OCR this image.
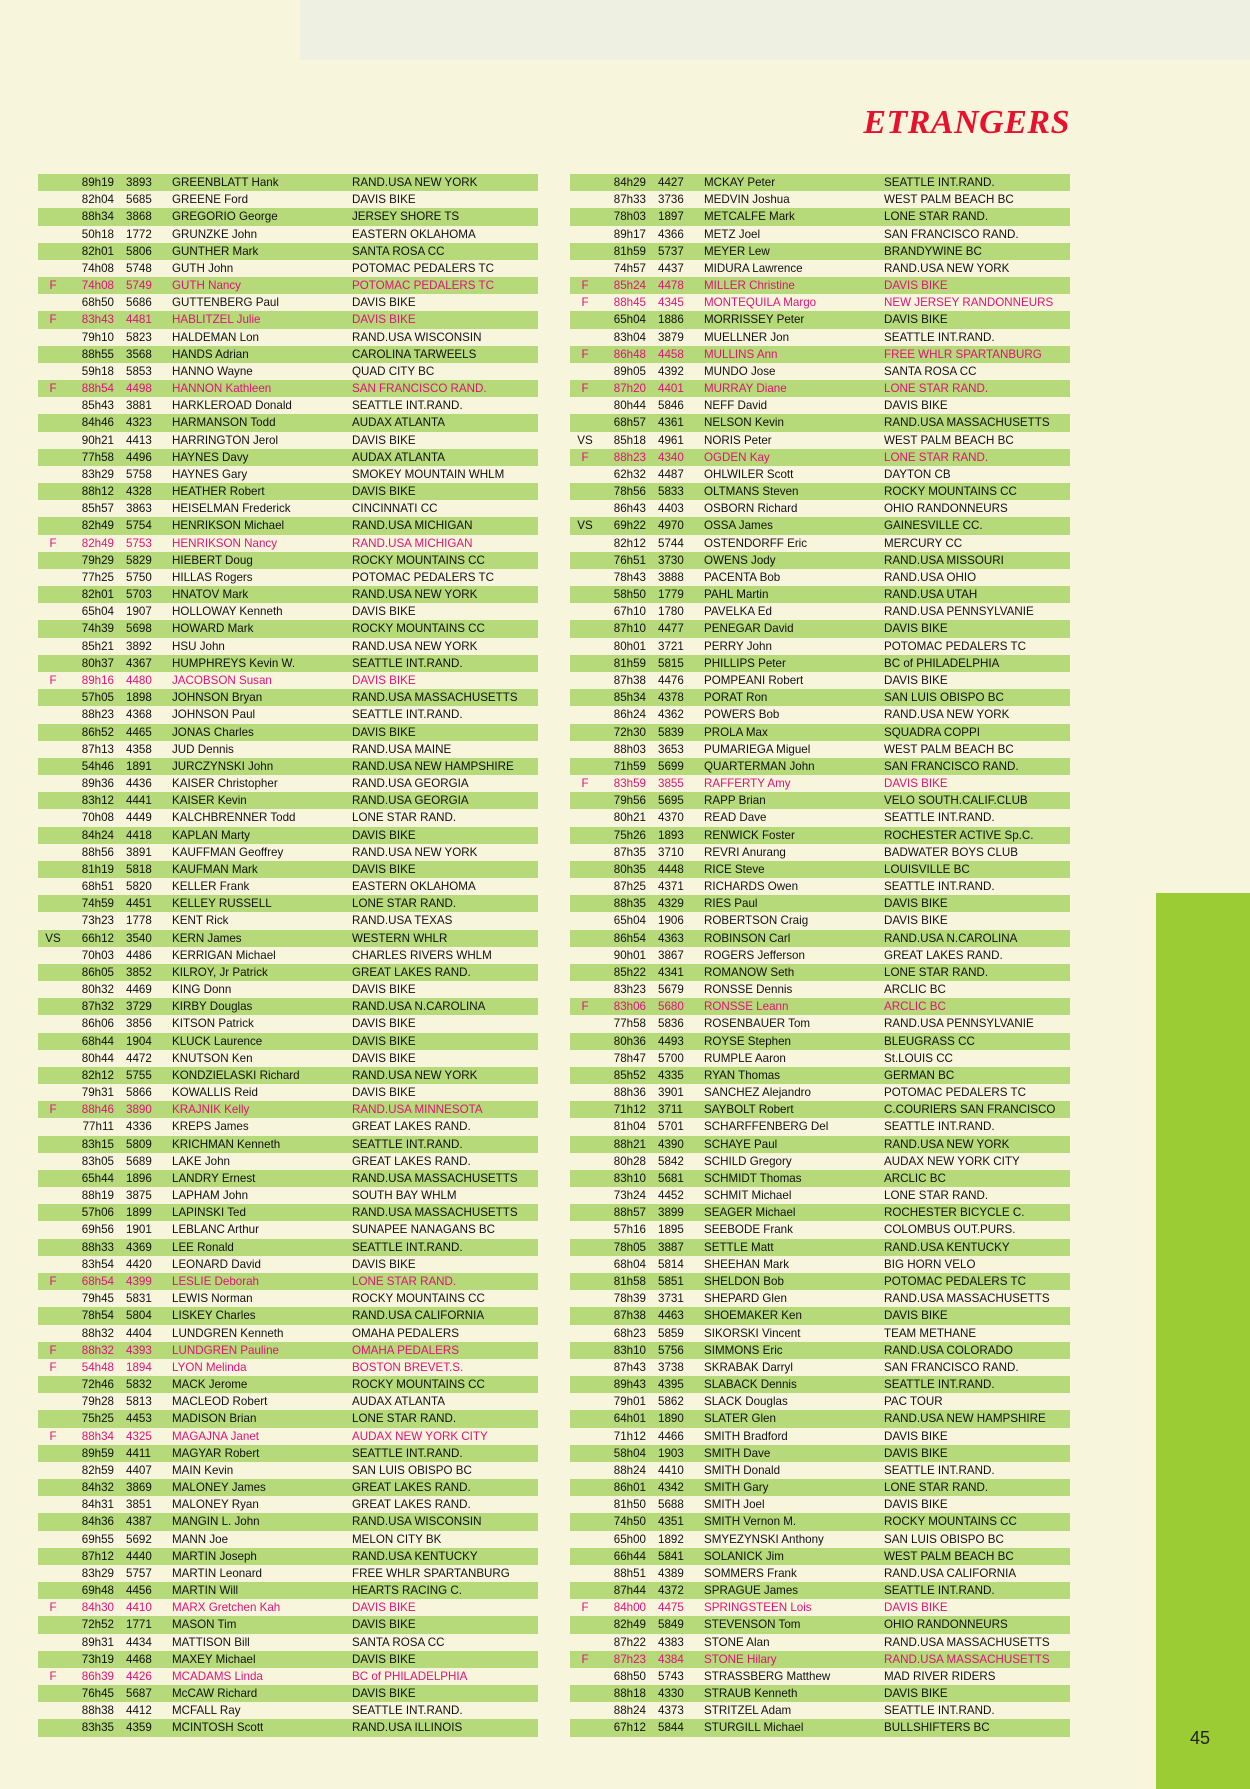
ETRANGERS
89h19 3893	GREENBLATT Hank	RAND.USA NEW YORK
82h04 5685	GREENE Ford	DAVIS BIKE
88h34 3868	GREGORIO George	JERSEY SHORE TS
50h18 1772	GRUNZKE John	EASTERN OKLAHOMA
82h01 5806	GUNTHER Mark	SANTA ROSA CC
74h08 5748	GUTH John	POTOMAC PEDALERS TC
F	74h08 5749	GUTH Nancy	POTOMAC PEDALERS TC
68h50 5686	GUTTENBERG Paul	DAVIS BIKE
F	83h43 4481	HABLITZEL Julie	DAVIS BIKE
79h10 5823	HALDEMAN Lon	RAND.USA WISCONSIN
88h55 3568	HANDS Adrian	CAROLINA TARWEELS
59h18 5853	HANNO Wayne	QUAD CITY BC
F	88h54 4498	HANNON Kathleen	SAN FRANCISCO RAND.
85h43 3881	HARKLEROAD Donald	SEATTLE INT.RAND.
84h46 4323	HARMANSON Todd	AUDAX ATLANTA
90h21 4413	HARRINGTON Jerol	DAVIS BIKE
77h58 4496	HAYNES Davy	AUDAX ATLANTA
83h29 5758	HAYNES Gary	SMOKEY MOUNTAIN WHLM
88h12 4328	HEATHER Robert	DAVIS BIKE
85h57 3863	HEISELMAN Frederick	CINCINNATI CC
82h49 5754	HENRIKSON Michael	RAND.USA MICHIGAN
F	82h49 5753	HENRIKSON Nancy	RAND.USA MICHIGAN
79h29 5829	HIEBERT Doug	ROCKY MOUNTAINS CC
77h25 5750	HILLAS Rogers	POTOMAC PEDALERS TC
82h01 5703	HNATOV Mark	RAND.USA NEW YORK
65h04 1907	HOLLOWAY Kenneth	DAVIS BIKE
74h39 5698	HOWARD Mark	ROCKY MOUNTAINS CC
85h21 3892	HSU John	RAND.USA NEW YORK
80h37 4367	HUMPHREYS Kevin W.	SEATTLE INT.RAND.
F	89h16 4480	JACOBSON Susan	DAVIS BIKE
57h05 1898	JOHNSON Bryan	RAND.USA MASSACHUSETTS
88h23 4368	JOHNSON Paul	SEATTLE INT.RAND.
86h52 4465	JONAS Charles	DAVIS BIKE
87h13 4358	JUD Dennis	RAND.USA MAINE
54h46 1891	JURCZYNSKI John	RAND.USA NEW HAMPSHIRE
89h36 4436	KAISER Christopher	RAND.USA GEORGIA
83h12 4441	KAISER Kevin	RAND.USA GEORGIA
70h08 4449	KALCHBRENNER Todd	LONE STAR RAND.
84h24 4418	KAPLAN Marty	DAVIS BIKE
88h56 3891	KAUFFMAN Geoffrey	RAND.USA NEW YORK
81h19 5818	KAUFMAN Mark	DAVIS BIKE
68h51 5820	KELLER Frank	EASTERN OKLAHOMA
74h59 4451	KELLEY RUSSELL	LONE STAR RAND.
73h23 1778	KENT Rick	RAND.USA TEXAS
VS	66h12 3540	KERN James	WESTERN WHLR
70h03 4486	KERRIGAN Michael	CHARLES RIVERS WHLM
86h05 3852	KILROY, Jr Patrick	GREAT LAKES RAND.
80h32 4469	KING Donn	DAVIS BIKE
87h32 3729	KIRBY Douglas	RAND.USA N.CAROLINA
86h06 3856	KITSON Patrick	DAVIS BIKE
68h44 1904	KLUCK Laurence	DAVIS BIKE
80h44 4472	KNUTSON Ken	DAVIS BIKE
82h12 5755	KONDZIELASKI Richard	RAND.USA NEW YORK
79h31 5866	KOWALLIS Reid	DAVIS BIKE
F	88h46 3890	KRAJNIK Kelly	RAND.USA MINNESOTA
77h11 4336	KREPS James	GREAT LAKES RAND.
83h15 5809	KRICHMAN Kenneth	SEATTLE INT.RAND.
83h05 5689	LAKE John	GREAT LAKES RAND.
65h44 1896	LANDRY Ernest	RAND.USA MASSACHUSETTS
88h19 3875	LAPHAM John	SOUTH BAY WHLM
57h06 1899	LAPINSKI Ted	RAND.USA MASSACHUSETTS
69h56 1901	LEBLANC Arthur	SUNAPEE NANAGANS BC
88h33 4369	LEE Ronald	SEATTLE INT.RAND.
83h54 4420	LEONARD David	DAVIS BIKE
F	68h54 4399	LESLIE Deborah	LONE STAR RAND.
79h45 5831	LEWIS Norman	ROCKY MOUNTAINS CC
78h54 5804	LISKEY Charles	RAND.USA CALIFORNIA
88h32 4404	LUNDGREN Kenneth	OMAHA PEDALERS
F	88h32 4393	LUNDGREN Pauline	OMAHA PEDALERS
F	54h48 1894	LYON Melinda	BOSTON BREVET.S.
72h46 5832	MACK Jerome	ROCKY MOUNTAINS CC
79h28 5813	MACLEOD Robert	AUDAX ATLANTA
75h25 4453	MADISON Brian	LONE STAR RAND.
F	88h34 4325	MAGAJNA Janet	AUDAX NEW YORK CITY
89h59 4411	MAGYAR Robert	SEATTLE INT.RAND.
82h59 4407	MAIN Kevin	SAN LUIS OBISPO BC
84h32 3869	MALONEY James	GREAT LAKES RAND.
84h31 3851	MALONEY Ryan	GREAT LAKES RAND.
84h36 4387	MANGIN L. John	RAND.USA WISCONSIN
69h55 5692	MANN Joe	MELON CITY BK
87h12 4440	MARTIN Joseph	RAND.USA KENTUCKY
83h29 5757	MARTIN Leonard	FREE WHLR SPARTANBURG
69h48 4456	MARTIN Will	HEARTS RACING C.
F	84h30 4410	MARX Gretchen Kah	DAVIS BIKE
72h52 1771	MASON Tim	DAVIS BIKE
89h31 4434	MATTISON Bill	SANTA ROSA CC
73h19 4468	MAXEY Michael	DAVIS BIKE
F	86h39 4426	MCADAMS Linda	BC of PHILADELPHIA
76h45 5687	McCAW Richard	DAVIS BIKE
88h38 4412	MCFALL Ray	SEATTLE INT.RAND.
83h35 4359	MCINTOSH Scott	RAND.USA ILLINOIS
84h29 4427	MCKAY Peter	SEATTLE INT.RAND.
87h33 3736	MEDVIN Joshua	WEST PALM BEACH BC
78h03 1897	METCALFE Mark	LONE STAR RAND.
89h17 4366	METZ Joel	SAN FRANCISCO RAND.
81h59 5737	MEYER Lew	BRANDYWINE BC
74h57 4437	MIDURA Lawrence	RAND.USA NEW YORK
F	85h24 4478	MILLER Christine	DAVIS BIKE
F	88h45 4345	MONTEQUILA Margo	NEW JERSEY RANDONNEURS
65h04 1886	MORRISSEY Peter	DAVIS BIKE
83h04 3879	MUELLNER Jon	SEATTLE INT.RAND.
F	86h48 4458	MULLINS Ann	FREE WHLR SPARTANBURG
89h05 4392	MUNDO Jose	SANTA ROSA CC
F	87h20 4401	MURRAY Diane	LONE STAR RAND.
80h44 5846	NEFF David	DAVIS BIKE
68h57 4361	NELSON Kevin	RAND.USA MASSACHUSETTS
VS	85h18 4961	NORIS Peter	WEST PALM BEACH BC
F	88h23 4340	OGDEN Kay	LONE STAR RAND.
62h32 4487	OHLWILER Scott	DAYTON CB
78h56 5833	OLTMANS Steven	ROCKY MOUNTAINS CC
86h43 4403	OSBORN Richard	OHIO RANDONNEURS
VS	69h22 4970	OSSA James	GAINESVILLE CC.
82h12 5744	OSTENDORFF Eric	MERCURY CC
76h51 3730	OWENS Jody	RAND.USA MISSOURI
78h43 3888	PACENTA Bob	RAND.USA OHIO
58h50 1779	PAHL Martin	RAND.USA UTAH
67h10 1780	PAVELKA Ed	RAND.USA PENNSYLVANIE
87h10 4477	PENEGAR David	DAVIS BIKE
80h01 3721	PERRY John	POTOMAC PEDALERS TC
81h59 5815	PHILLIPS Peter	BC of PHILADELPHIA
87h38 4476	POMPEANI Robert	DAVIS BIKE
85h34 4378	PORAT Ron	SAN LUIS OBISPO BC
86h24 4362	POWERS Bob	RAND.USA NEW YORK
72h30 5839	PROLA Max	SQUADRA COPPI
88h03 3653	PUMARIEGA Miguel	WEST PALM BEACH BC
71h59 5699	QUARTERMAN John	SAN FRANCISCO RAND.
F	83h59 3855	RAFFERTY Amy	DAVIS BIKE
79h56 5695	RAPP Brian	VELO SOUTH.CALIF.CLUB
80h21 4370	READ Dave	SEATTLE INT.RAND.
75h26 1893	RENWICK Foster	ROCHESTER ACTIVE Sp.C.
87h35 3710	REVRI Anurang	BADWATER BOYS CLUB
80h35 4448	RICE Steve	LOUISVILLE BC
87h25 4371	RICHARDS Owen	SEATTLE INT.RAND.
88h35 4329	RIES Paul	DAVIS BIKE
65h04 1906	ROBERTSON Craig	DAVIS BIKE
86h54 4363	ROBINSON Carl	RAND.USA N.CAROLINA
90h01 3867	ROGERS Jefferson	GREAT LAKES RAND.
85h22 4341	ROMANOW Seth	LONE STAR RAND.
83h23 5679	RONSSE Dennis	ARCLIC BC
F	83h06 5680	RONSSE Leann	ARCLIC BC
77h58 5836	ROSENBAUER Tom	RAND.USA PENNSYLVANIE
80h36 4493	ROYSE Stephen	BLEUGRASS CC
78h47 5700	RUMPLE Aaron	St.LOUIS CC
85h52 4335	RYAN Thomas	GERMAN BC
88h36 3901	SANCHEZ Alejandro	POTOMAC PEDALERS TC
71h12 3711	SAYBOLT Robert	C.COURIERS SAN FRANCISCO
81h04 5701	SCHARFFENBERG Del	SEATTLE INT.RAND.
88h21 4390	SCHAYE Paul	RAND.USA NEW YORK
80h28 5842	SCHILD Gregory	AUDAX NEW YORK CITY
83h10 5681	SCHMIDT Thomas	ARCLIC BC
73h24 4452	SCHMIT Michael	LONE STAR RAND.
88h57 3899	SEAGER Michael	ROCHESTER BICYCLE C.
57h16 1895	SEEBODE Frank	COLOMBUS OUT.PURS.
78h05 3887	SETTLE Matt	RAND.USA KENTUCKY
68h04 5814	SHEEHAN Mark	BIG HORN VELO
81h58 5851	SHELDON Bob	POTOMAC PEDALERS TC
78h39 3731	SHEPARD Glen	RAND.USA MASSACHUSETTS
87h38 4463	SHOEMAKER Ken	DAVIS BIKE
68h23 5859	SIKORSKI Vincent	TEAM METHANE
83h10 5756	SIMMONS Eric	RAND.USA COLORADO
87h43 3738	SKRABAK Darryl	SAN FRANCISCO RAND.
89h43 4395	SLABACK Dennis	SEATTLE INT.RAND.
79h01 5862	SLACK Douglas	PAC TOUR
64h01 1890	SLATER Glen	RAND.USA NEW HAMPSHIRE
71h12 4466	SMITH Bradford	DAVIS BIKE
58h04 1903	SMITH Dave	DAVIS BIKE
88h24 4410	SMITH Donald	SEATTLE INT.RAND.
86h01 4342	SMITH Gary	LONE STAR RAND.
81h50 5688	SMITH Joel	DAVIS BIKE
74h50 4351	SMITH Vernon M.	ROCKY MOUNTAINS CC
65h00 1892	SMYEZYNSKI Anthony	SAN LUIS OBISPO BC
66h44 5841	SOLANICK Jim	WEST PALM BEACH BC
88h51 4389	SOMMERS Frank	RAND.USA CALIFORNIA
87h44 4372	SPRAGUE James	SEATTLE INT.RAND.
F	84h00 4475	SPRINGSTEEN Lois	DAVIS BIKE
82h49 5849	STEVENSON Tom	OHIO RANDONNEURS
87h22 4383	STONE Alan	RAND.USA MASSACHUSETTS
F	87h23 4384	STONE Hilary	RAND.USA MASSACHUSETTS
68h50 5743	STRASSBERG Matthew	MAD RIVER RIDERS
88h18 4330	STRAUB Kenneth	DAVIS BIKE
88h24 4373	STRITZEL Adam	SEATTLE INT.RAND.
67h12 5844	STURGILL Michael	BULLSHIFTERS BC
45
